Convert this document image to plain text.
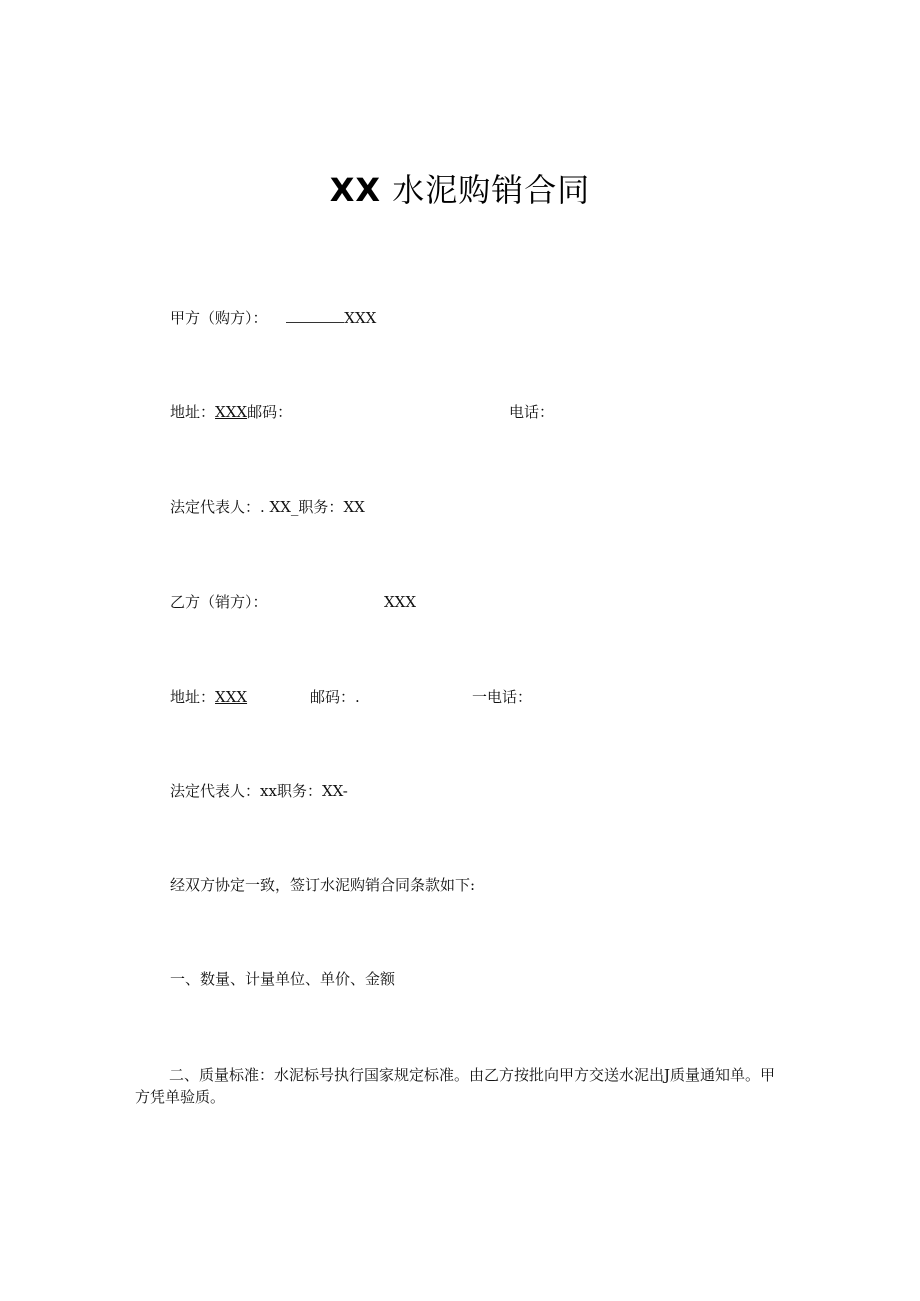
XX 水泥购销合同
甲方（购方）：	XXX
地址：XXX邮码：	电话：
法定代表人：. XX_职务：XX
乙方（销方）：	XXX
地址：XXX	邮码：.	一电话：
法定代表人：xx职务：XX-
经双方协定一致，签订水泥购销合同条款如下:
一、数量、计量单位、单价、金额
二、质量标准：水泥标号执行国家规定标准。由乙方按批向甲方交送水泥出J质量通知单。甲方凭单验质。
